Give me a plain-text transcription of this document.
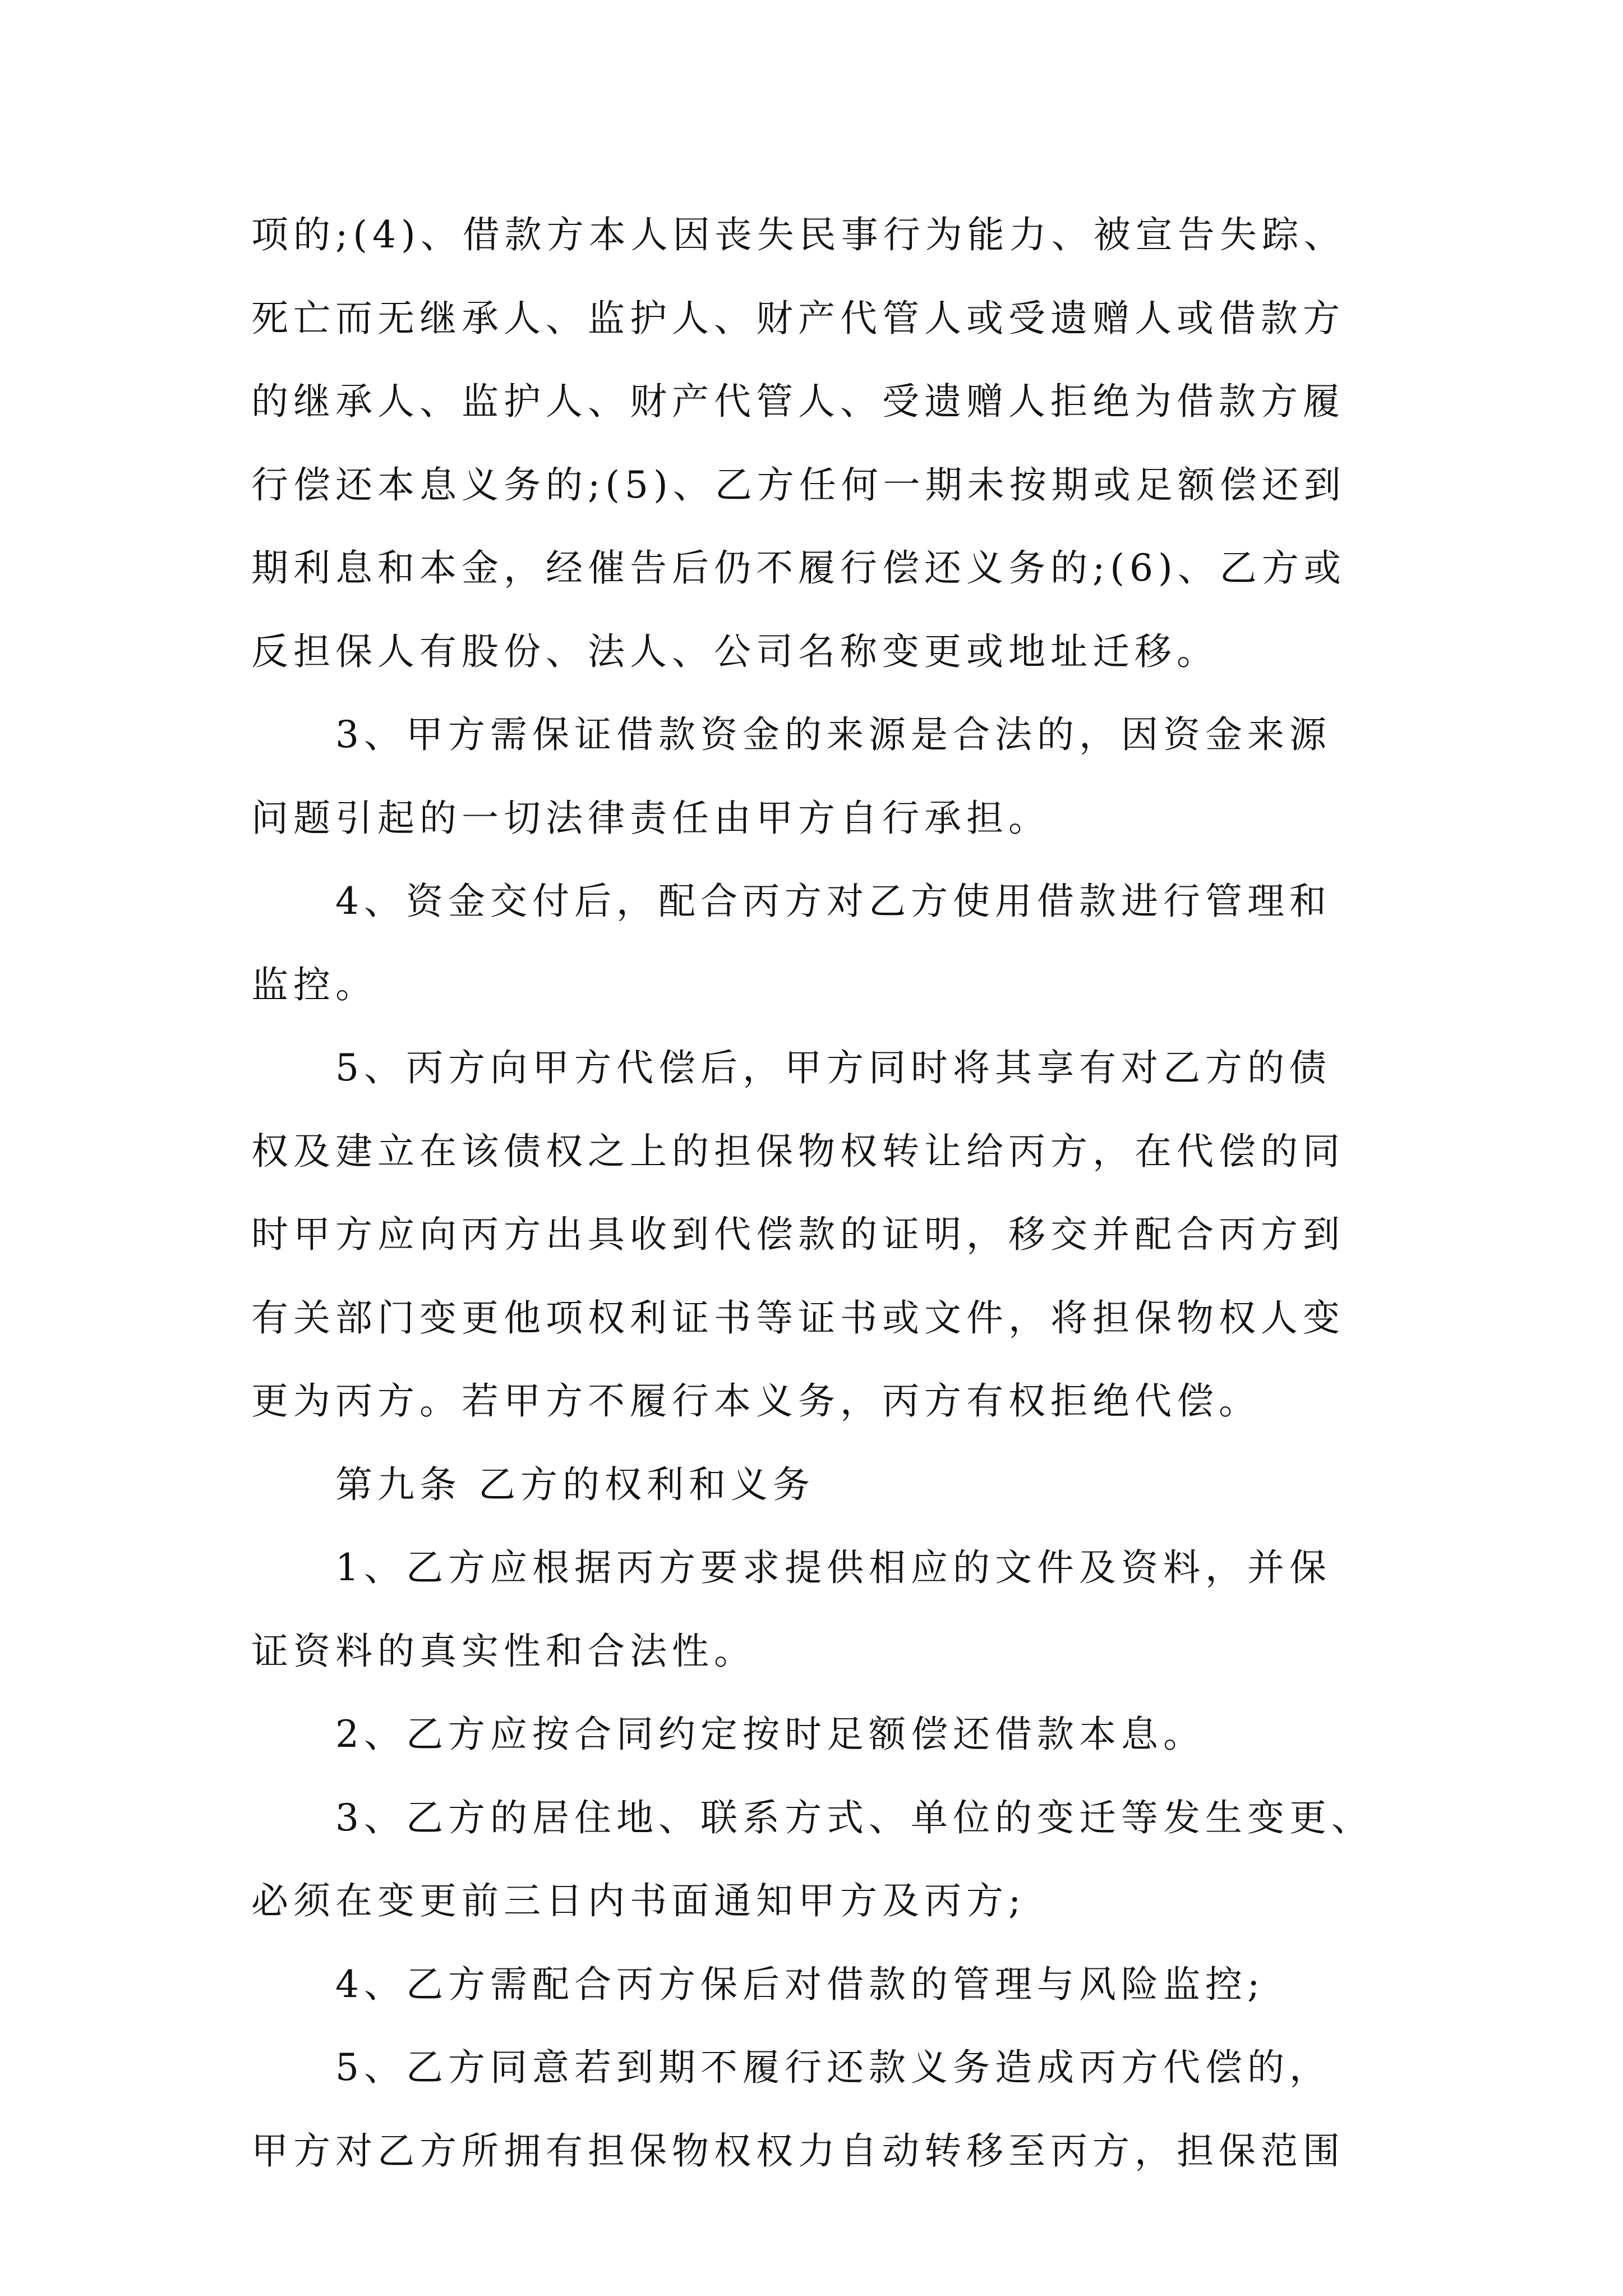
项的;(4)、借款方本人因丧失民事行为能力、被宣告失踪、
死亡而无继承人、监护人、财产代管人或受遗赠人或借款方
的继承人、监护人、财产代管人、受遗赠人拒绝为借款方履
行偿还本息义务的;(5)、乙方任何一期未按期或足额偿还到
期利息和本金，经催告后仍不履行偿还义务的;(6)、乙方或
反担保人有股份、法人、公司名称变更或地址迁移。
3、甲方需保证借款资金的来源是合法的，因资金来源
问题引起的一切法律责任由甲方自行承担。
4、资金交付后，配合丙方对乙方使用借款进行管理和
监控。
5、丙方向甲方代偿后，甲方同时将其享有对乙方的债
权及建立在该债权之上的担保物权转让给丙方，在代偿的同
时甲方应向丙方出具收到代偿款的证明，移交并配合丙方到
有关部门变更他项权利证书等证书或文件，将担保物权人变
更为丙方。若甲方不履行本义务，丙方有权拒绝代偿。
第九条 乙方的权利和义务
1、乙方应根据丙方要求提供相应的文件及资料，并保
证资料的真实性和合法性。
2、乙方应按合同约定按时足额偿还借款本息。
3、乙方的居住地、联系方式、单位的变迁等发生变更、
必须在变更前三日内书面通知甲方及丙方;
4、乙方需配合丙方保后对借款的管理与风险监控;
5、乙方同意若到期不履行还款义务造成丙方代偿的，
甲方对乙方所拥有担保物权权力自动转移至丙方，担保范围
